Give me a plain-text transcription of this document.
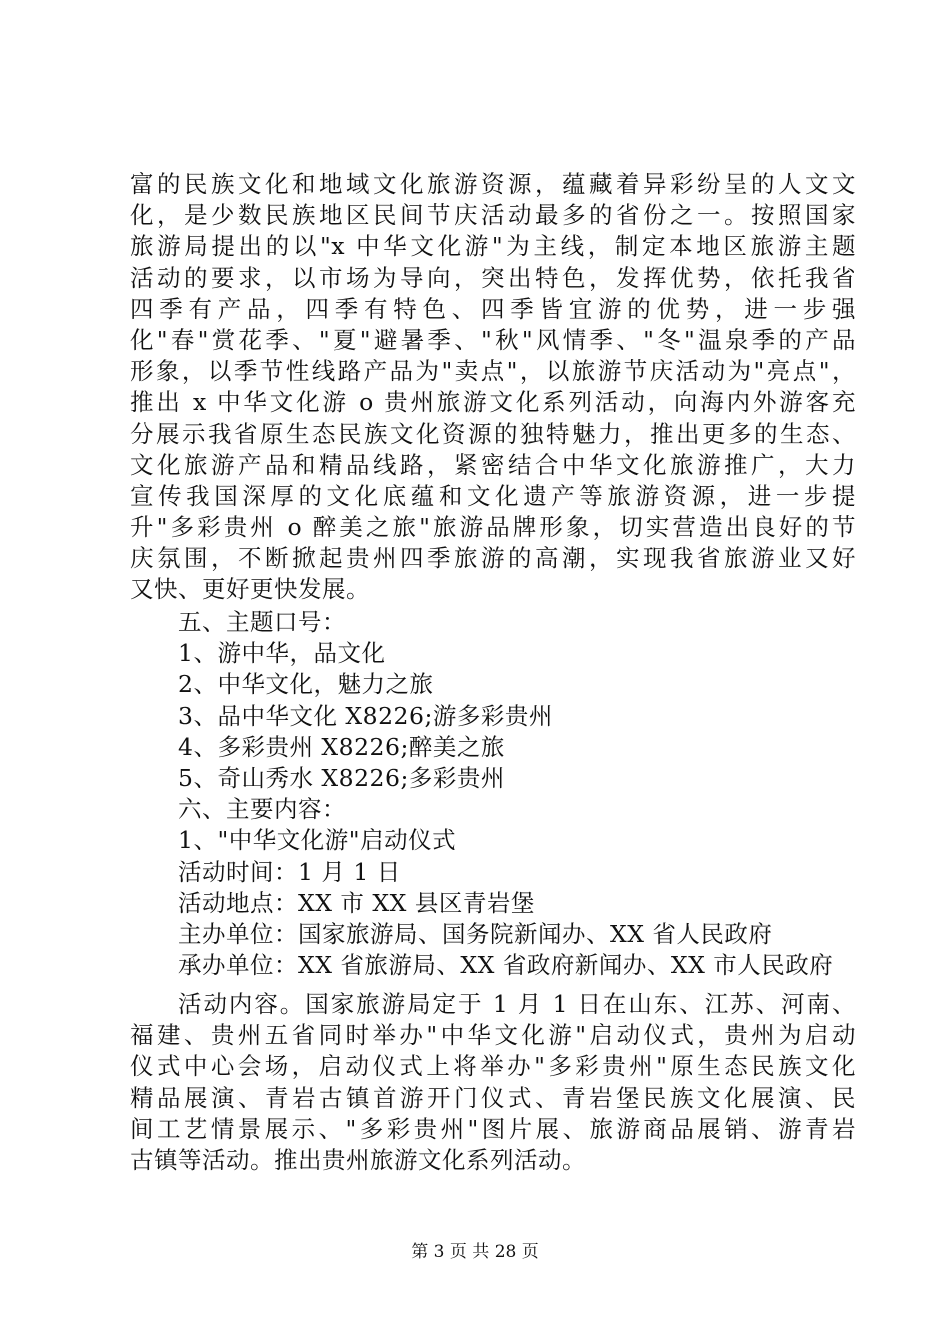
富的民族文化和地域文化旅游资源，蕴藏着异彩纷呈的人文文
化，是少数民族地区民间节庆活动最多的省份之一。按照国家
旅游局提出的以"x 中华文化游"为主线，制定本地区旅游主题
活动的要求，以市场为导向，突出特色，发挥优势，依托我省
四季有产品，四季有特色、四季皆宜游的优势，进一步强
化"春"赏花季、"夏"避暑季、"秋"风情季、"冬"温泉季的产品
形象，以季节性线路产品为"卖点"，以旅游节庆活动为"亮点"，
推出 x 中华文化游 o 贵州旅游文化系列活动，向海内外游客充
分展示我省原生态民族文化资源的独特魅力，推出更多的生态、
文化旅游产品和精品线路，紧密结合中华文化旅游推广，大力
宣传我国深厚的文化底蕴和文化遗产等旅游资源，进一步提
升"多彩贵州 o 醉美之旅"旅游品牌形象，切实营造出良好的节
庆氛围，不断掀起贵州四季旅游的高潮，实现我省旅游业又好
又快、更好更快发展。
五、主题口号：
1、游中华，品文化
2、中华文化，魅力之旅
3、品中华文化 X8226;游多彩贵州
4、多彩贵州 X8226;醉美之旅
5、奇山秀水 X8226;多彩贵州
六、主要内容：
1、"中华文化游"启动仪式
活动时间：1 月 1 日
活动地点：XX 市 XX 县区青岩堡
主办单位：国家旅游局、国务院新闻办、XX 省人民政府
承办单位：XX 省旅游局、XX 省政府新闻办、XX 市人民政府
活动内容。国家旅游局定于 1 月 1 日在山东、江苏、河南、
福建、贵州五省同时举办"中华文化游"启动仪式，贵州为启动
仪式中心会场，启动仪式上将举办"多彩贵州"原生态民族文化
精品展演、青岩古镇首游开门仪式、青岩堡民族文化展演、民
间工艺情景展示、"多彩贵州"图片展、旅游商品展销、游青岩
古镇等活动。推出贵州旅游文化系列活动。
第 3 页 共 28 页
